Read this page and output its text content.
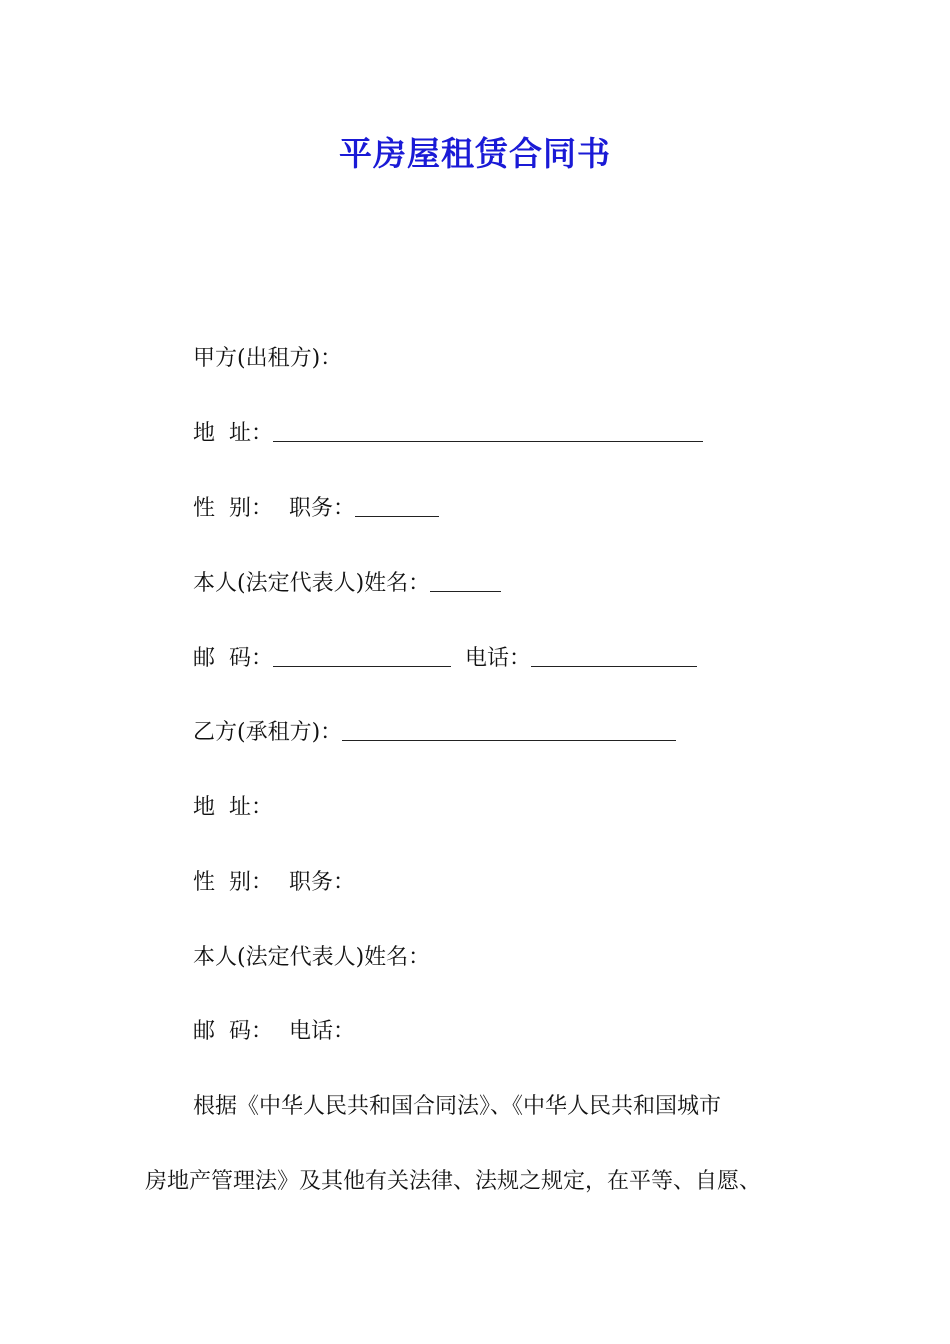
平房屋租赁合同书
甲方(出租方)：
地  址：
性  别： 职务：
本人(法定代表人)姓名：
邮  码：	电话：
乙方(承租方)：
地  址：
性  别： 职务：
本人(法定代表人)姓名：
邮  码： 电话：
根据《中华人民共和国合同法》、《中华人民共和国城市
房地产管理法》及其他有关法律、法规之规定，在平等、自愿、
